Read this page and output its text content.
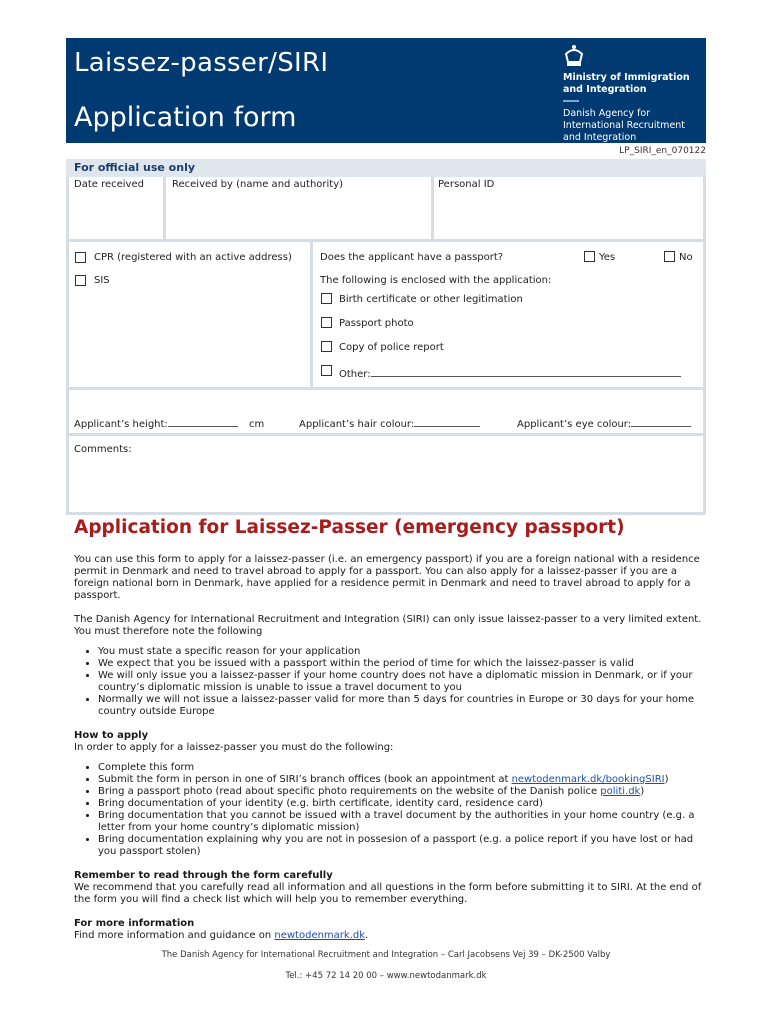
Laissez-passer/SIRI
Application form
Ministry of Immigration and Integration
Danish Agency for International Recruitment and Integration
LP_SIRI_en_070122
For official use only
Date received	Received by (name and authority)	Personal ID
CPR (registered with an active address)
SIS
Does the applicant have a passport?	Yes	No
The following is enclosed with the application:
Birth certificate or other legitimation
Passport photo
Copy of police report
Other:
Applicant’s height:	cm	Applicant’s hair colour:	Applicant’s eye colour:
Comments:
Application for Laissez-Passer (emergency passport)

You can use this form to apply for a laissez-passer (i.e. an emergency passport) if you are a foreign national with a residence permit in Denmark and need to travel abroad to apply for a passport. You can also apply for a laissez-passer if you are a foreign national born in Denmark, have applied for a residence permit in Denmark and need to travel abroad to apply for a passport.

The Danish Agency for International Recruitment and Integration (SIRI) can only issue laissez-passer to a very limited extent. You must therefore note the following

• You must state a specific reason for your application
• We expect that you be issued with a passport within the period of time for which the laissez-passer is valid
• We will only issue you a laissez-passer if your home country does not have a diplomatic mission in Denmark, or if your country’s diplomatic mission is unable to issue a travel document to you
• Normally we will not issue a laissez-passer valid for more than 5 days for countries in Europe or 30 days for your home country outside Europe

How to apply

In order to apply for a laissez-passer you must do the following:

• Complete this form
• Submit the form in person in one of SIRI’s branch offices (book an appointment at newtodenmark.dk/bookingSIRI)
• Bring a passport photo (read about specific photo requirements on the website of the Danish police politi.dk)
• Bring documentation of your identity (e.g. birth certificate, identity card, residence card)
• Bring documentation that you cannot be issued with a travel document by the authorities in your home country (e.g. a letter from your home country’s diplomatic mission)
• Bring documentation explaining why you are not in possesion of a passport (e.g. a police report if you have lost or had you passport stolen)

Remember to read through the form carefully

We recommend that you carefully read all information and all questions in the form before submitting it to SIRI. At the end of the form you will find a check list which will help you to remember everything.

For more information

Find more information and guidance on newtodenmark.dk.

The Danish Agency for International Recruitment and Integration – Carl Jacobsens Vej 39 – DK-2500 Valby
Tel.: +45 72 14 20 00 – www.newtodanmark.dk
